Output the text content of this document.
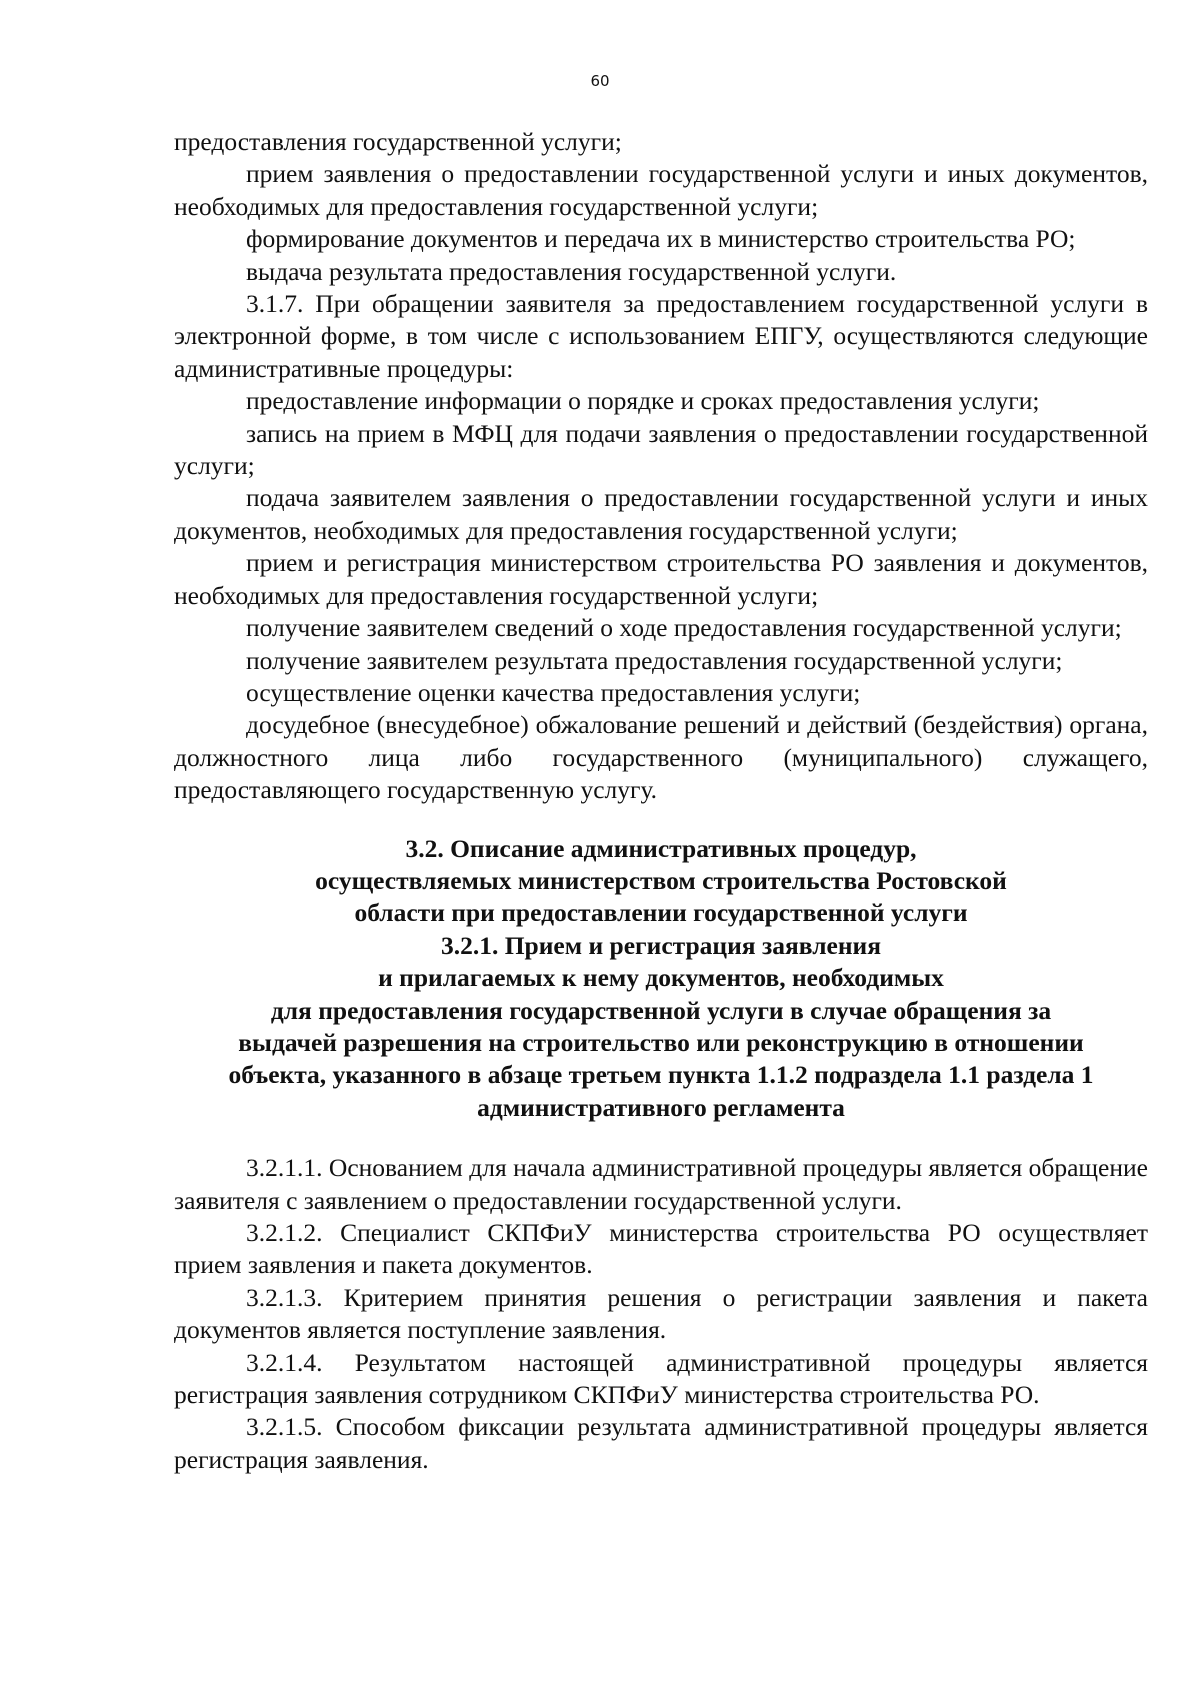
60

предоставления государственной услуги;

прием заявления о предоставлении государственной услуги и иных документов, необходимых для предоставления государственной услуги;

формирование документов и передача их в министерство строительства РО;

выдача результата предоставления государственной услуги.

3.1.7. При обращении заявителя за предоставлением государственной услуги в электронной форме, в том числе с использованием ЕПГУ, осуществляются следующие административные процедуры:

предоставление информации о порядке и сроках предоставления услуги;

запись на прием в МФЦ для подачи заявления о предоставлении государственной услуги;

подача заявителем заявления о предоставлении государственной услуги и иных документов, необходимых для предоставления государственной услуги;

прием и регистрация министерством строительства РО заявления и документов, необходимых для предоставления государственной услуги;

получение заявителем сведений о ходе предоставления государственной услуги;

получение заявителем результата предоставления государственной услуги;

осуществление оценки качества предоставления услуги;

досудебное (внесудебное) обжалование решений и действий (бездействия) органа, должностного лица либо государственного (муниципального) служащего, предоставляющего государственную услугу.

3.2. Описание административных процедур,
осуществляемых министерством строительства Ростовской
области при предоставлении государственной услуги
3.2.1. Прием и регистрация заявления
и прилагаемых к нему документов, необходимых
для предоставления государственной услуги в случае обращения за
выдачей разрешения на строительство или реконструкцию в отношении
объекта, указанного в абзаце третьем пункта 1.1.2 подраздела 1.1 раздела 1
административного регламента

3.2.1.1. Основанием для начала административной процедуры является обращение заявителя с заявлением о предоставлении государственной услуги.

3.2.1.2. Специалист СКПФиУ министерства строительства РО осуществляет прием заявления и пакета документов.

3.2.1.3. Критерием принятия решения о регистрации заявления и пакета документов является поступление заявления.

3.2.1.4. Результатом настоящей административной процедуры является регистрация заявления сотрудником СКПФиУ министерства строительства РО.

3.2.1.5. Способом фиксации результата административной процедуры является регистрация заявления.
